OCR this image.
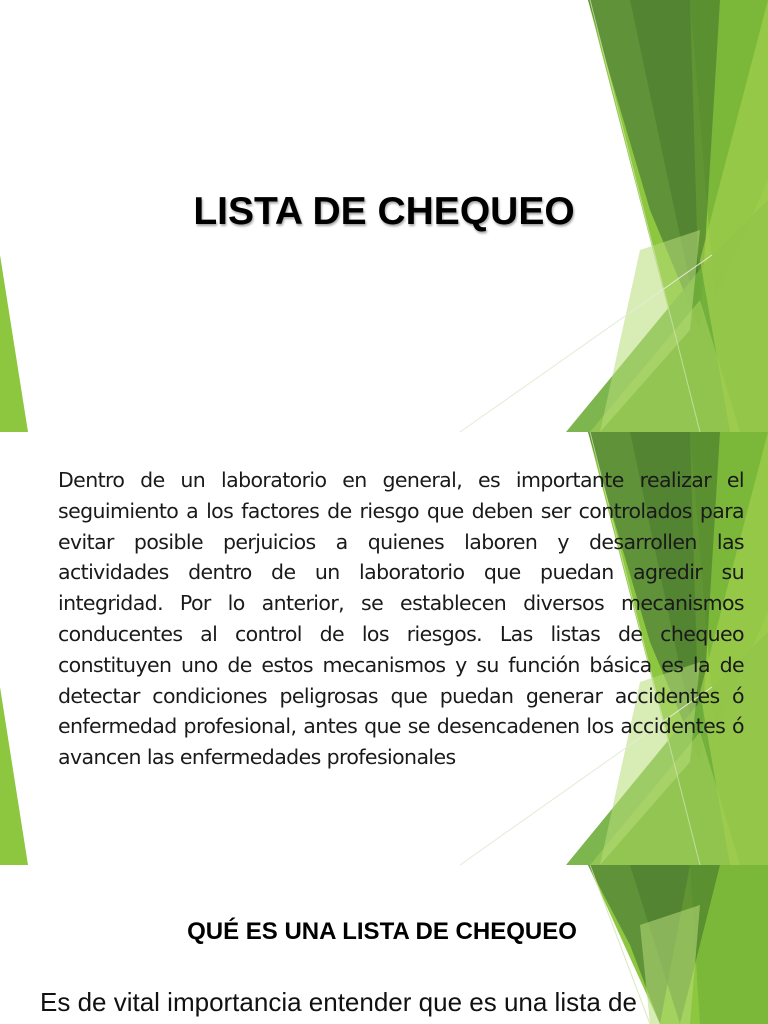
LISTA DE CHEQUEO

Dentro de un laboratorio en general, es importante realizar el seguimiento a los factores de riesgo que deben ser controlados para evitar posible perjuicios a quienes laboren y desarrollen las actividades dentro de un laboratorio que puedan agredir su integridad. Por lo anterior, se establecen diversos mecanismos conducentes al control de los riesgos. Las listas de chequeo constituyen uno de estos mecanismos y su función básica es la de detectar condiciones peligrosas que puedan generar accidentes ó enfermedad profesional, antes que se desencadenen los accidentes ó avancen las enfermedades profesionales

QUÉ ES UNA LISTA DE CHEQUEO

Es de vital importancia entender que es una lista de
